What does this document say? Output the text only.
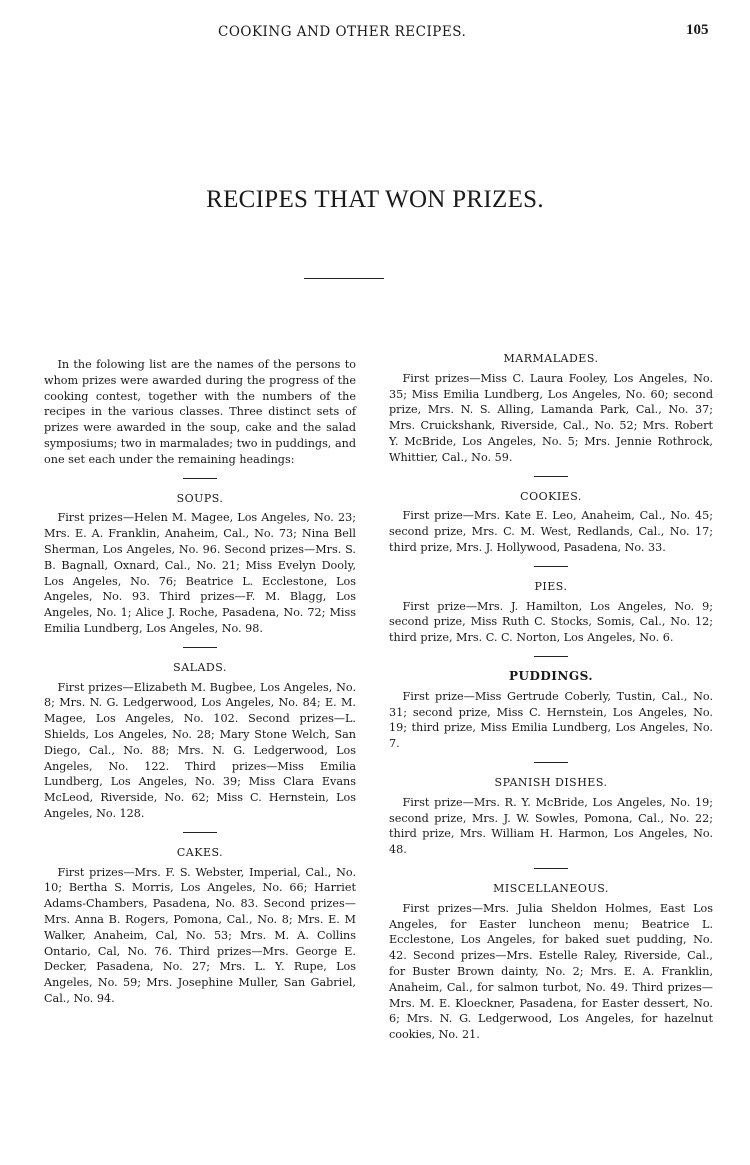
COOKING AND OTHER RECIPES.	105
RECIPES THAT WON PRIZES.

In the folowing list are the names of the persons to whom prizes were awarded during the progress of the cooking contest, together with the numbers of the recipes in the various classes. Three distinct sets of prizes were awarded in the soup, cake and the salad symposiums; two in marmalades; two in puddings, and one set each under the remaining headings:

SOUPS.

First prizes—Helen M. Magee, Los Angeles, No. 23; Mrs. E. A. Franklin, Anaheim, Cal., No. 73; Nina Bell Sherman, Los Angeles, No. 96. Second prizes—Mrs. S. B. Bagnall, Oxnard, Cal., No. 21; Miss Evelyn Dooly, Los Angeles, No. 76; Beatrice L. Ecclestone, Los Angeles, No. 93. Third prizes—F. M. Blagg, Los Angeles, No. 1; Alice J. Roche, Pasadena, No. 72; Miss Emilia Lundberg, Los Angeles, No. 98.

SALADS.

First prizes—Elizabeth M. Bugbee, Los Angeles, No. 8; Mrs. N. G. Ledgerwood, Los Angeles, No. 84; E. M. Magee, Los Angeles, No. 102. Second prizes—L. Shields, Los Angeles, No. 28; Mary Stone Welch, San Diego, Cal., No. 88; Mrs. N. G. Ledgerwood, Los Angeles, No. 122. Third prizes—Miss Emilia Lundberg, Los Angeles, No. 39; Miss Clara Evans McLeod, Riverside, No. 62; Miss C. Hernstein, Los Angeles, No. 128.

CAKES.

First prizes—Mrs. F. S. Webster, Imperial, Cal., No. 10; Bertha S. Morris, Los Angeles, No. 66; Harriet Adams-Chambers, Pasadena, No. 83. Second prizes—Mrs. Anna B. Rogers, Pomona, Cal., No. 8; Mrs. E. M Walker, Anaheim, Cal, No. 53; Mrs. M. A. Collins Ontario, Cal, No. 76. Third prizes—Mrs. George E. Decker, Pasadena, No. 27; Mrs. L. Y. Rupe, Los Angeles, No. 59; Mrs. Josephine Muller, San Gabriel, Cal., No. 94.

MARMALADES.

First prizes—Miss C. Laura Fooley, Los Angeles, No. 35; Miss Emilia Lundberg, Los Angeles, No. 60; second prize, Mrs. N. S. Alling, Lamanda Park, Cal., No. 37; Mrs. Cruickshank, Riverside, Cal., No. 52; Mrs. Robert Y. McBride, Los Angeles, No. 5; Mrs. Jennie Rothrock, Whittier, Cal., No. 59.

COOKIES.

First prize—Mrs. Kate E. Leo, Anaheim, Cal., No. 45; second prize, Mrs. C. M. West, Redlands, Cal., No. 17; third prize, Mrs. J. Hollywood, Pasadena, No. 33.

PIES.

First prize—Mrs. J. Hamilton, Los Angeles, No. 9; second prize, Miss Ruth C. Stocks, Somis, Cal., No. 12; third prize, Mrs. C. C. Norton, Los Angeles, No. 6.

PUDDINGS.

First prize—Miss Gertrude Coberly, Tustin, Cal., No. 31; second prize, Miss C. Hernstein, Los Angeles, No. 19; third prize, Miss Emilia Lundberg, Los Angeles, No. 7.

SPANISH DISHES.

First prize—Mrs. R. Y. McBride, Los Angeles, No. 19; second prize, Mrs. J. W. Sowles, Pomona, Cal., No. 22; third prize, Mrs. William H. Harmon, Los Angeles, No. 48.

MISCELLANEOUS.

First prizes—Mrs. Julia Sheldon Holmes, East Los Angeles, for Easter luncheon menu; Beatrice L. Ecclestone, Los Angeles, for baked suet pudding, No. 42. Second prizes—Mrs. Estelle Raley, Riverside, Cal., for Buster Brown dainty, No. 2; Mrs. E. A. Franklin, Anaheim, Cal., for salmon turbot, No. 49. Third prizes—Mrs. M. E. Kloeckner, Pasadena, for Easter dessert, No. 6; Mrs. N. G. Ledgerwood, Los Angeles, for hazelnut cookies, No. 21.
